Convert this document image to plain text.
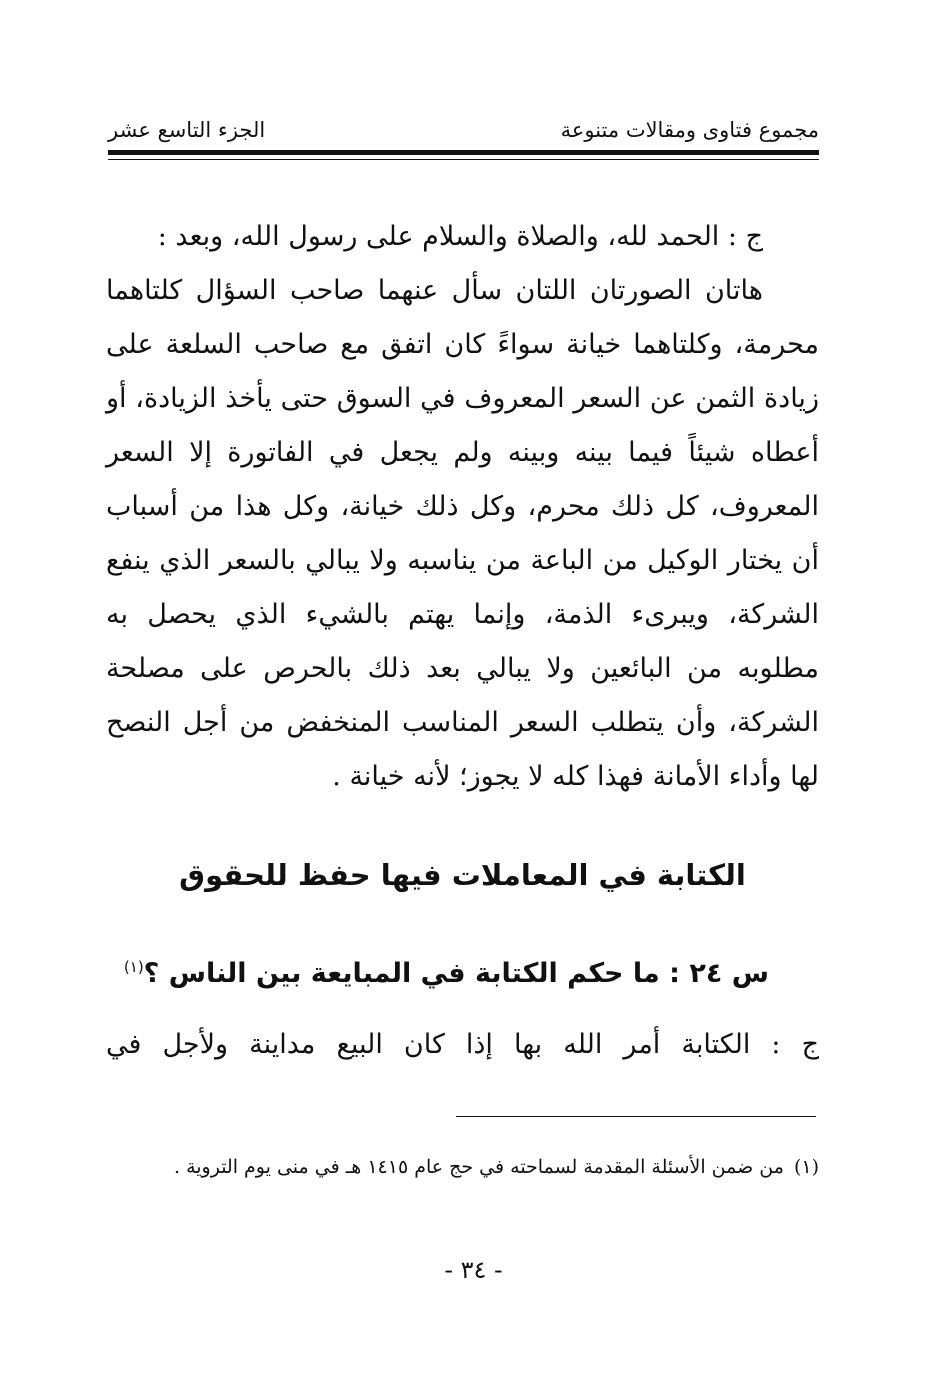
مجموع فتاوى ومقالات متنوعة
الجزء التاسع عشر

ج : الحمد لله، والصلاة والسلام على رسول الله، وبعد :

هاتان الصورتان اللتان سأل عنهما صاحب السؤال كلتاهما محرمة، وكلتاهما خيانة سواءً كان اتفق مع صاحب السلعة على زيادة الثمن عن السعر المعروف في السوق حتى يأخذ الزيادة، أو أعطاه شيئاً فيما بينه وبينه ولم يجعل في الفاتورة إلا السعر المعروف، كل ذلك محرم، وكل ذلك خيانة، وكل هذا من أسباب أن يختار الوكيل من الباعة من يناسبه ولا يبالي بالسعر الذي ينفع الشركة، ويبرىء الذمة، وإنما يهتم بالشيء الذي يحصل به مطلوبه من البائعين ولا يبالي بعد ذلك بالحرص على مصلحة الشركة، وأن يتطلب السعر المناسب المنخفض من أجل النصح لها وأداء الأمانة فهذا كله لا يجوز؛ لأنه خيانة .

الكتابة في المعاملات فيها حفظ للحقوق
س ٢٤ : ما حكم الكتابة في المبايعة بين الناس ؟$^{(١)}$
ج : الكتابة أمر الله بها إذا كان البيع مداينة ولأجل في
(١)
من ضمن الأسئلة المقدمة لسماحته في حج عام ١٤١٥ هـ في منى يوم التروية .
- ٣٤ -
